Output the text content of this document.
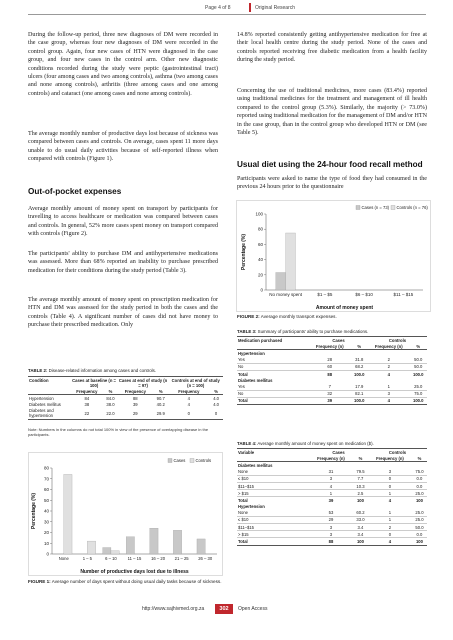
Page 4 of 8	Original Research
During the follow-up period, three new diagnoses of DM were recorded in the case group, whereas four new diagnoses of DM were recorded in the control group. Again, four new cases of HTN were diagnosed in the case group, and four new cases in the control arm. Other new diagnostic conditions recorded during the study were peptic (gastrointestinal tract) ulcers (four among cases and two among controls), asthma (two among cases and none among controls), arthritis (three among cases and one among controls) and cataract (one among cases and none among controls).
The average monthly number of productive days lost because of sickness was compared between cases and controls. On average, cases spent 11 more days unable to do usual daily activities because of self-reported illness when compared with controls (Figure 1).
Out-of-pocket expenses
Average monthly amount of money spent on transport by participants for travelling to access healthcare or medication was compared between cases and controls. In general, 52% more cases spent money on transport compared with controls (Figure 2).
The participants' ability to purchase DM and antihypertensive medications was assessed. More than 68% reported an inability to purchase prescribed medication for their conditions during the study period (Table 3).
The average monthly amount of money spent on prescription medication for HTN and DM was assessed for the study period in both the cases and the controls (Table 4). A significant number of cases did not have money to purchase their prescribed medication. Only
TABLE 2: Disease-related information among cases and controls.
Condition	Cases at baseline (n = 100)		Cases at end of study (n = 97)		Controls at end of study (n = 100)	
	Frequency	%	Frequency	%	Frequency	%
Hypertension	84	84.0	88	90.7	4	4.0
Diabetes mellitus	38	38.0	39	40.2	4	4.0
Diabetes and hypertension	22	22.0	29	29.9	0	0
Note: Numbers in the columns do not total 100% in view of the presence of overlapping disease in the participants.
0
10
20
30
40
50
60
70
80
None	1 – 5	6 – 10	11 – 15 16 – 20 21 – 25 26 – 30
Number of productive days lost due to illness
Percentage (%)
Cases Controls
FIGURE 1: Average number of days spent without doing usual daily tasks because of sickness.
14.8% reported consistently getting antihypertensive medication for free at their local health centre during the study period. None of the cases and controls reported receiving free diabetic medication from a health facility during the study period.
Concerning the use of traditional medicines, more cases (83.4%) reported using traditional medicines for the treatment and management of ill health compared to the control group (5.3%). Similarly, the majority (> 73.0%) reported using traditional medication for the management of DM and/or HTN in the case group, than in the control group who developed HTN or DM (see Table 5).
Usual diet using the 24-hour food recall method
Participants were asked to name the type of food they had consumed in the previous 24 hours prior to the questionnaire
0
20
40
60
80
100
No money spent	$1 – $5	$6 – $10	$11 – $15
Amount of money spent
Percentage (%)
Cases (n = 73) Controls (n = 76)
FIGURE 2: Average monthly transport expenses.
TABLE 3: Summary of participants' ability to purchase medications.
Medication purchased	Cases		Controls	
	Frequency (n)	%	Frequency (n)	%
Hypertension				
Yes	28	31.8	2	50.0
No	60	68.2	2	50.0
Total	88	100.0	4	100.0
Diabetes mellitus				
Yes	7	17.9	1	25.0
No	32	82.1	3	75.0
Total	39	100.0	4	100.0
TABLE 4: Average monthly amount of money spent on medication ($).
Variable	Cases		Controls	
	Frequency (n)	%	Frequency (n)	%
Diabetes mellitus				
None	31	79.5	3	75.0
≤ $10	3	7.7	0	0.0
$11–$15	4	10.3	0	0.0
> $15	1	2.5	1	25.0
Total	39	100	4	100
Hypertension				
None	53	60.2	1	25.0
≤ $10	29	33.0	1	25.0
$11–$15	3	3.4	2	50.0
> $15	3	3.4	0	0.0
Total	88	100	4	100
http://www.sajhivmed.org.za	302	Open Access
